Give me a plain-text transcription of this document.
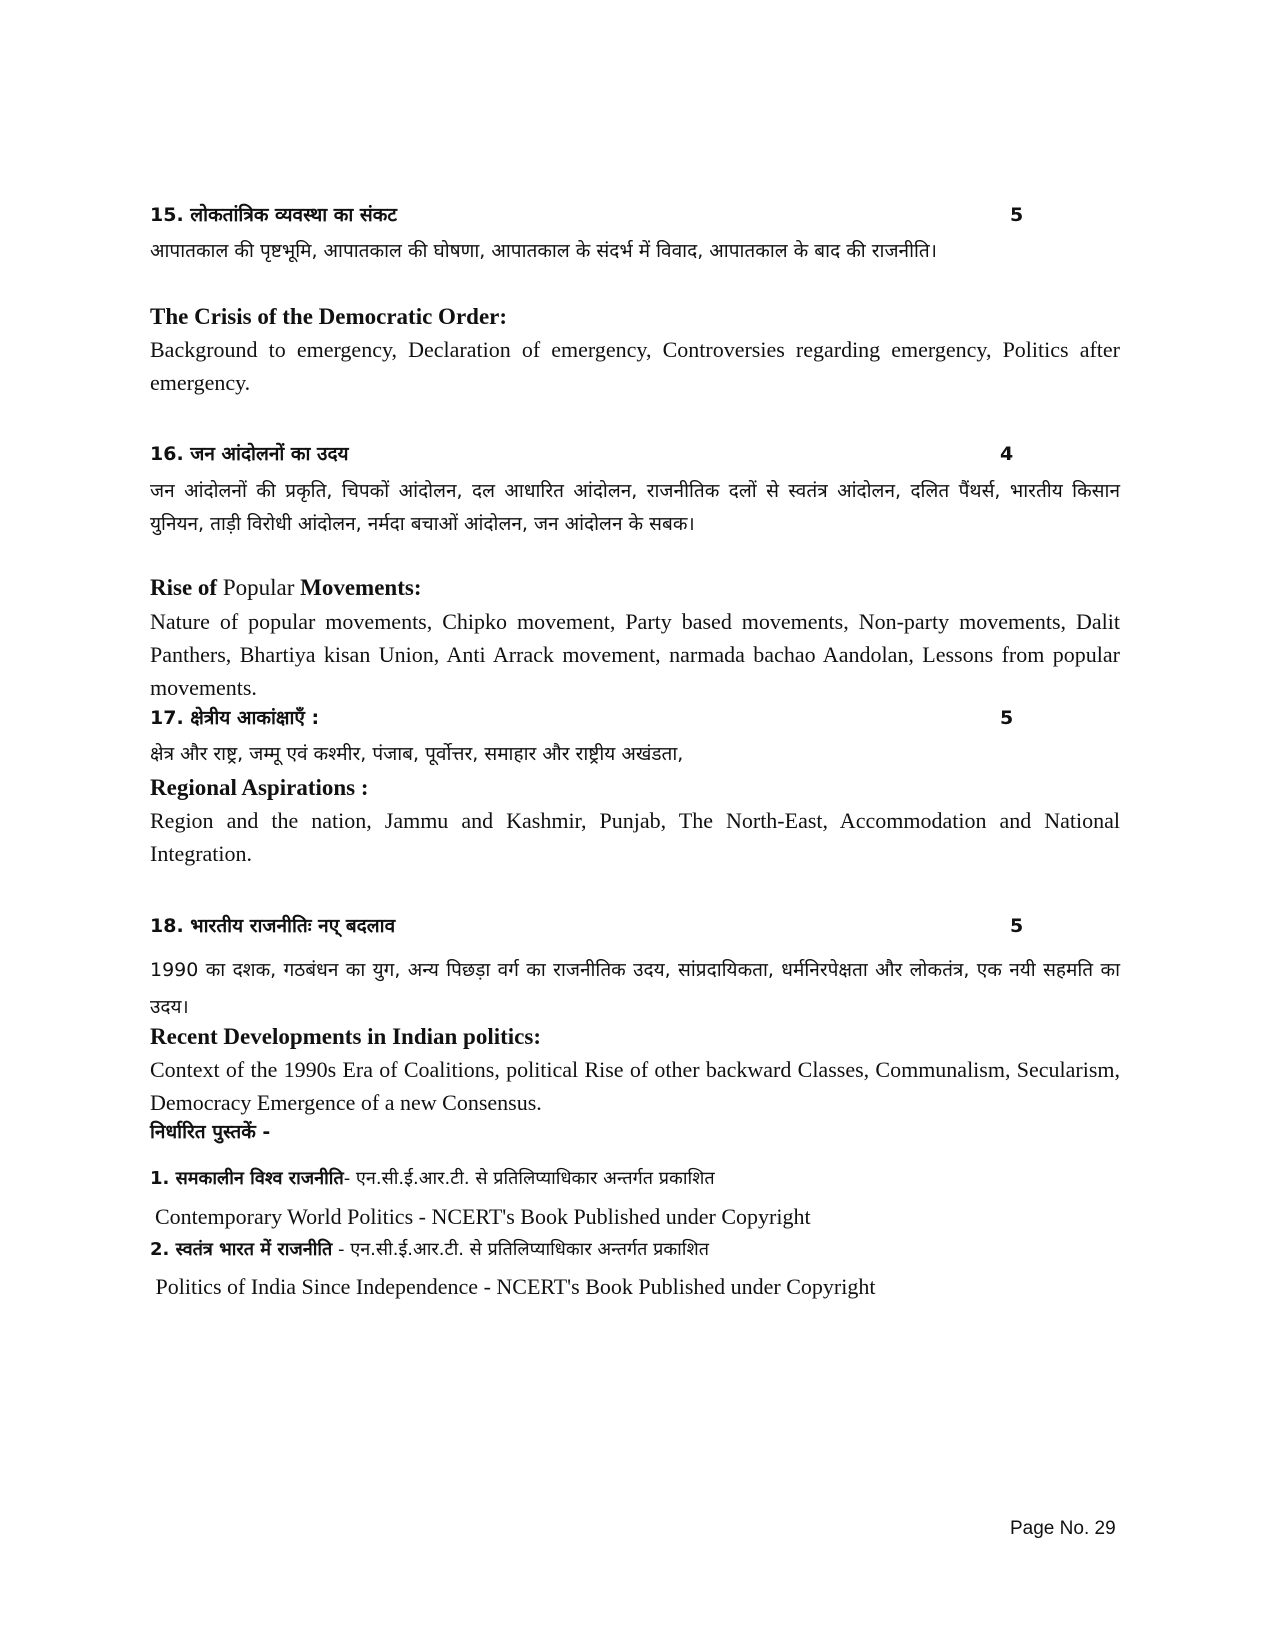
15. लोकतांत्रिक व्यवस्था का संकट	5

आपातकाल की पृष्टभूमि, आपातकाल की घोषणा, आपातकाल के संदर्भ में विवाद, आपातकाल के बाद की राजनीति।

The Crisis of the Democratic Order:

Background to emergency, Declaration of emergency, Controversies regarding emergency, Politics after emergency.

16. जन आंदोलनों का उदय	4

जन आंदोलनों की प्रकृति, चिपकों आंदोलन, दल आधारित आंदोलन, राजनीतिक दलों से स्वतंत्र आंदोलन, दलित पैंथर्स, भारतीय किसान युनियन, ताड़ी विरोधी आंदोलन, नर्मदा बचाओं आंदोलन, जन आंदोलन के सबक।

Rise of Popular Movements:

Nature of popular movements, Chipko movement, Party based movements, Non-party movements, Dalit Panthers, Bhartiya kisan Union, Anti Arrack movement, narmada bachao Aandolan, Lessons from popular movements.

17. क्षेत्रीय आकांक्षाएँ :	5

क्षेत्र और राष्ट्र, जम्मू एवं कश्मीर, पंजाब, पूर्वोत्तर, समाहार और राष्ट्रीय अखंडता,

Regional Aspirations :

Region and the nation, Jammu and Kashmir, Punjab, The North-East, Accommodation and National Integration.

18. भारतीय राजनीतिः नए् बदलाव	5

1990 का दशक, गठबंधन का युग, अन्य पिछड़ा वर्ग का राजनीतिक उदय, सांप्रदायिकता, धर्मनिरपेक्षता और लोकतंत्र, एक नयी सहमति का उदय।

Recent Developments in Indian politics:

Context of the 1990s Era of Coalitions, political Rise of other backward Classes, Communalism, Secularism, Democracy Emergence of a new Consensus.

निर्धारित पुस्तकें -
1. समकालीन विश्व राजनीति- एन.सी.ई.आर.टी. से प्रतिलिप्याधिकार अन्तर्गत प्रकाशित
Contemporary World Politics - NCERT's Book Published under Copyright
2. स्वतंत्र भारत में राजनीति - एन.सी.ई.आर.टी. से प्रतिलिप्याधिकार अन्तर्गत प्रकाशित
Politics of India Since Independence - NCERT's Book Published under Copyright
Page No. 29
